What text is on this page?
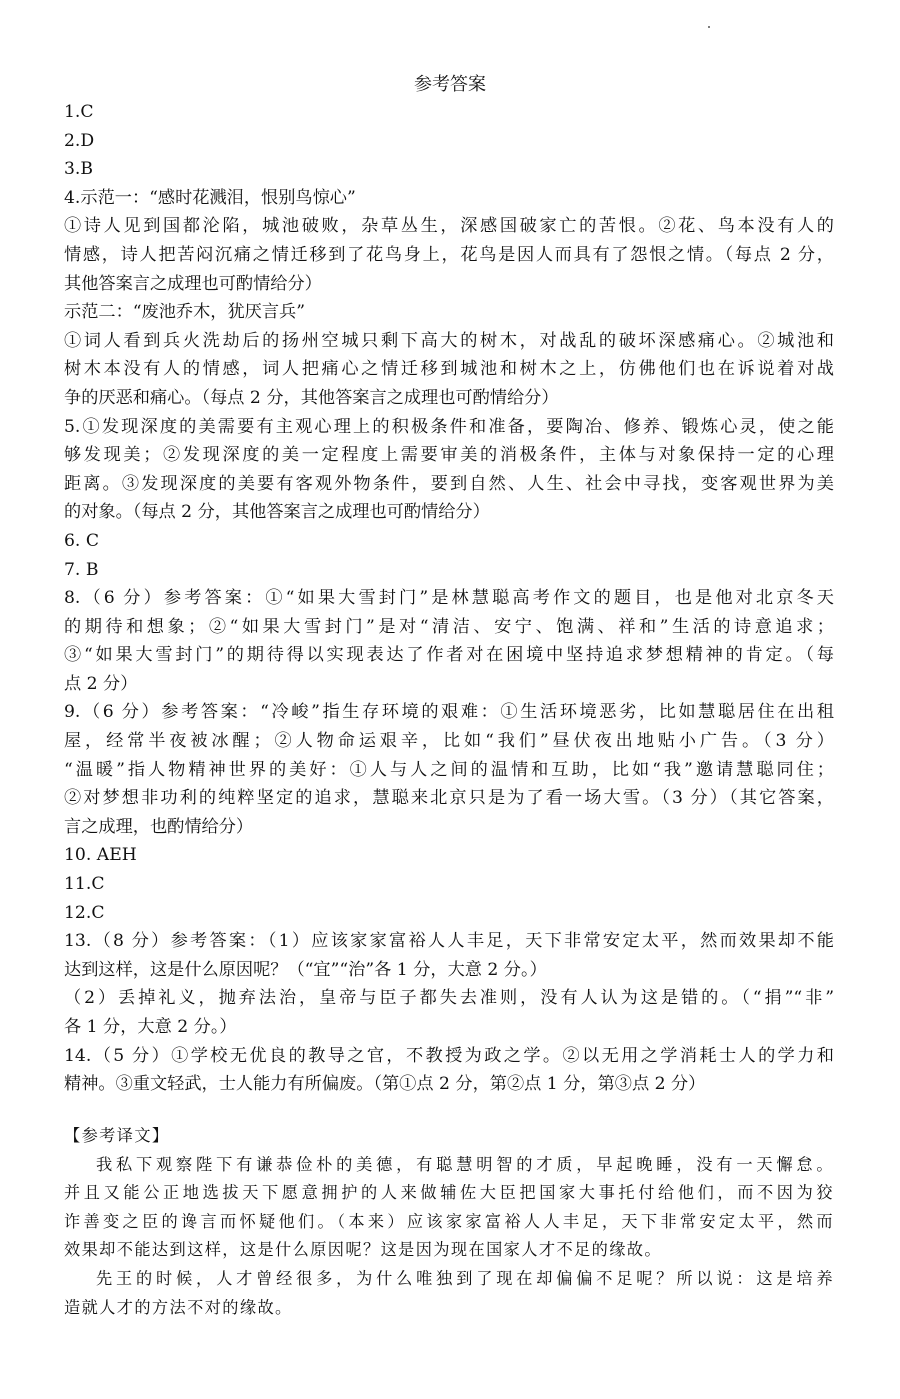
参考答案
1.C
2.D
3.B
4.示范一：“感时花溅泪，恨别鸟惊心”
①诗人见到国都沦陷，城池破败，杂草丛生，深感国破家亡的苦恨。②花、鸟本没有人的
情感，诗人把苦闷沉痛之情迁移到了花鸟身上，花鸟是因人而具有了怨恨之情。（每点 2 分，
其他答案言之成理也可酌情给分）
示范二：“废池乔木，犹厌言兵”
①词人看到兵火洗劫后的扬州空城只剩下高大的树木，对战乱的破坏深感痛心。②城池和
树木本没有人的情感，词人把痛心之情迁移到城池和树木之上，仿佛他们也在诉说着对战
争的厌恶和痛心。（每点 2 分，其他答案言之成理也可酌情给分）
5.①发现深度的美需要有主观心理上的积极条件和准备，要陶冶、修养、锻炼心灵，使之能
够发现美；②发现深度的美一定程度上需要审美的消极条件，主体与对象保持一定的心理
距离。③发现深度的美要有客观外物条件，要到自然、人生、社会中寻找，变客观世界为美
的对象。（每点 2 分，其他答案言之成理也可酌情给分）
6. C
7. B
8.（6 分）参考答案：①“如果大雪封门”是林慧聪高考作文的题目，也是他对北京冬天
的期待和想象；②“如果大雪封门”是对“清洁、安宁、饱满、祥和”生活的诗意追求；
③“如果大雪封门”的期待得以实现表达了作者对在困境中坚持追求梦想精神的肯定。（每
点 2 分）
9.（6 分）参考答案：“冷峻”指生存环境的艰难：①生活环境恶劣，比如慧聪居住在出租
屋，经常半夜被冰醒；②人物命运艰辛，比如“我们”昼伏夜出地贴小广告。（3 分）
“温暖”指人物精神世界的美好：①人与人之间的温情和互助，比如“我”邀请慧聪同住；
②对梦想非功利的纯粹坚定的追求，慧聪来北京只是为了看一场大雪。（3 分）（其它答案，
言之成理，也酌情给分）
10. AEH
11.C
12.C
13.（8 分）参考答案：（1）应该家家富裕人人丰足，天下非常安定太平，然而效果却不能
达到这样，这是什么原因呢？（“宜”“治”各 1 分，大意 2 分。）
（2）丢掉礼义，抛弃法治，皇帝与臣子都失去准则，没有人认为这是错的。（“捐”“非”
各 1 分，大意 2 分。）
14.（5 分）①学校无优良的教导之官，不教授为政之学。②以无用之学消耗士人的学力和
精神。③重文轻武，士人能力有所偏废。（第①点 2 分，第②点 1 分，第③点 2 分）
【参考译文】
我私下观察陛下有谦恭俭朴的美德，有聪慧明智的才质，早起晚睡，没有一天懈怠。
并且又能公正地选拔天下愿意拥护的人来做辅佐大臣把国家大事托付给他们，而不因为狡
诈善变之臣的谗言而怀疑他们。（本来）应该家家富裕人人丰足，天下非常安定太平，然而
效果却不能达到这样，这是什么原因呢？这是因为现在国家人才不足的缘故。
先王的时候，人才曾经很多，为什么唯独到了现在却偏偏不足呢？所以说：这是培养
造就人才的方法不对的缘故。
